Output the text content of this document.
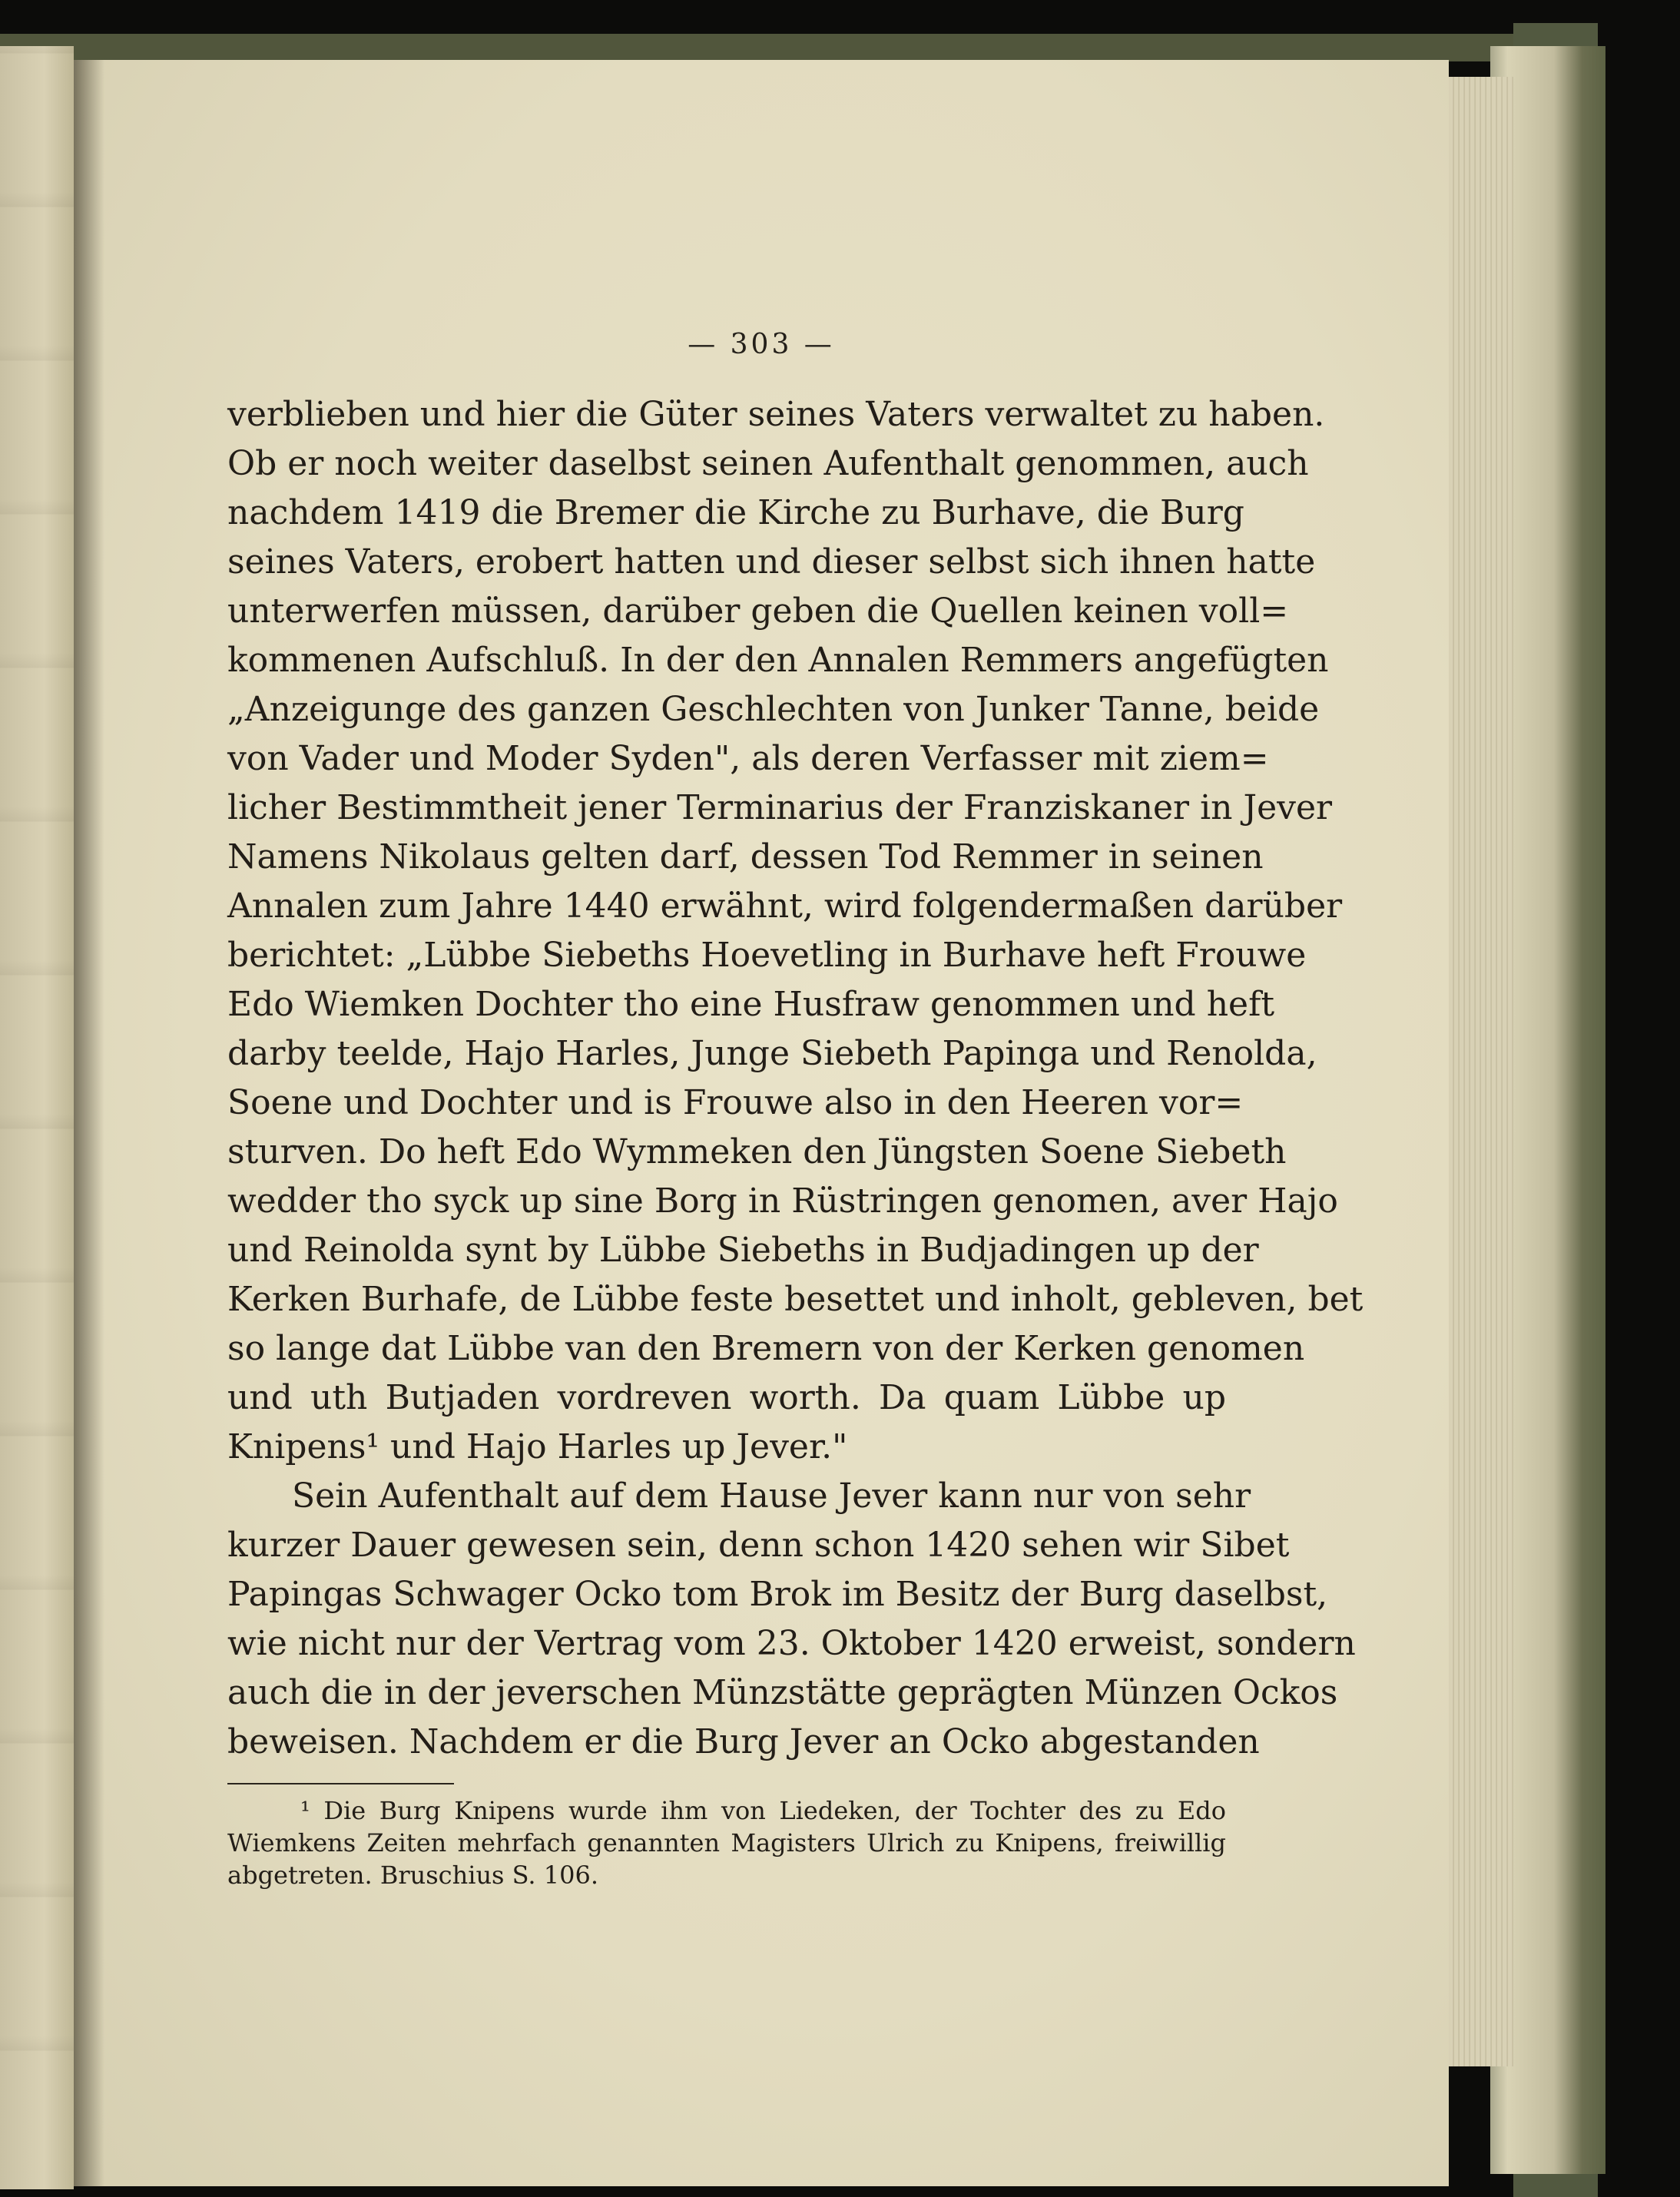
— 303 —
verblieben und hier die Güter seines Vaters verwaltet zu haben.
Ob er noch weiter daselbst seinen Aufenthalt genommen, auch
nachdem 1419 die Bremer die Kirche zu Burhave, die Burg
seines Vaters, erobert hatten und dieser selbst sich ihnen hatte
unterwerfen müssen, darüber geben die Quellen keinen voll=
kommenen Aufschluß. In der den Annalen Remmers angefügten
„Anzeigunge des ganzen Geschlechten von Junker Tanne, beide
von Vader und Moder Syden", als deren Verfasser mit ziem=
licher Bestimmtheit jener Terminarius der Franziskaner in Jever
Namens Nikolaus gelten darf, dessen Tod Remmer in seinen
Annalen zum Jahre 1440 erwähnt, wird folgendermaßen darüber
berichtet: „Lübbe Siebeths Hoevetling in Burhave heft Frouwe
Edo Wiemken Dochter tho eine Husfraw genommen und heft
darby teelde, Hajo Harles, Junge Siebeth Papinga und Renolda,
Soene und Dochter und is Frouwe also in den Heeren vor=
sturven. Do heft Edo Wymmeken den Jüngsten Soene Siebeth
wedder tho syck up sine Borg in Rüstringen genomen, aver Hajo
und Reinolda synt by Lübbe Siebeths in Budjadingen up der
Kerken Burhafe, de Lübbe feste besettet und inholt, gebleven, bet
so lange dat Lübbe van den Bremern von der Kerken genomen
und uth Butjaden vordreven worth. Da quam Lübbe up
Knipens¹ und Hajo Harles up Jever."
Sein Aufenthalt auf dem Hause Jever kann nur von sehr
kurzer Dauer gewesen sein, denn schon 1420 sehen wir Sibet
Papingas Schwager Ocko tom Brok im Besitz der Burg daselbst,
wie nicht nur der Vertrag vom 23. Oktober 1420 erweist, sondern
auch die in der jeverschen Münzstätte geprägten Münzen Ockos
beweisen. Nachdem er die Burg Jever an Ocko abgestanden
¹ Die Burg Knipens wurde ihm von Liedeken, der Tochter des zu Edo
Wiemkens Zeiten mehrfach genannten Magisters Ulrich zu Knipens, freiwillig
abgetreten. Bruschius S. 106.
